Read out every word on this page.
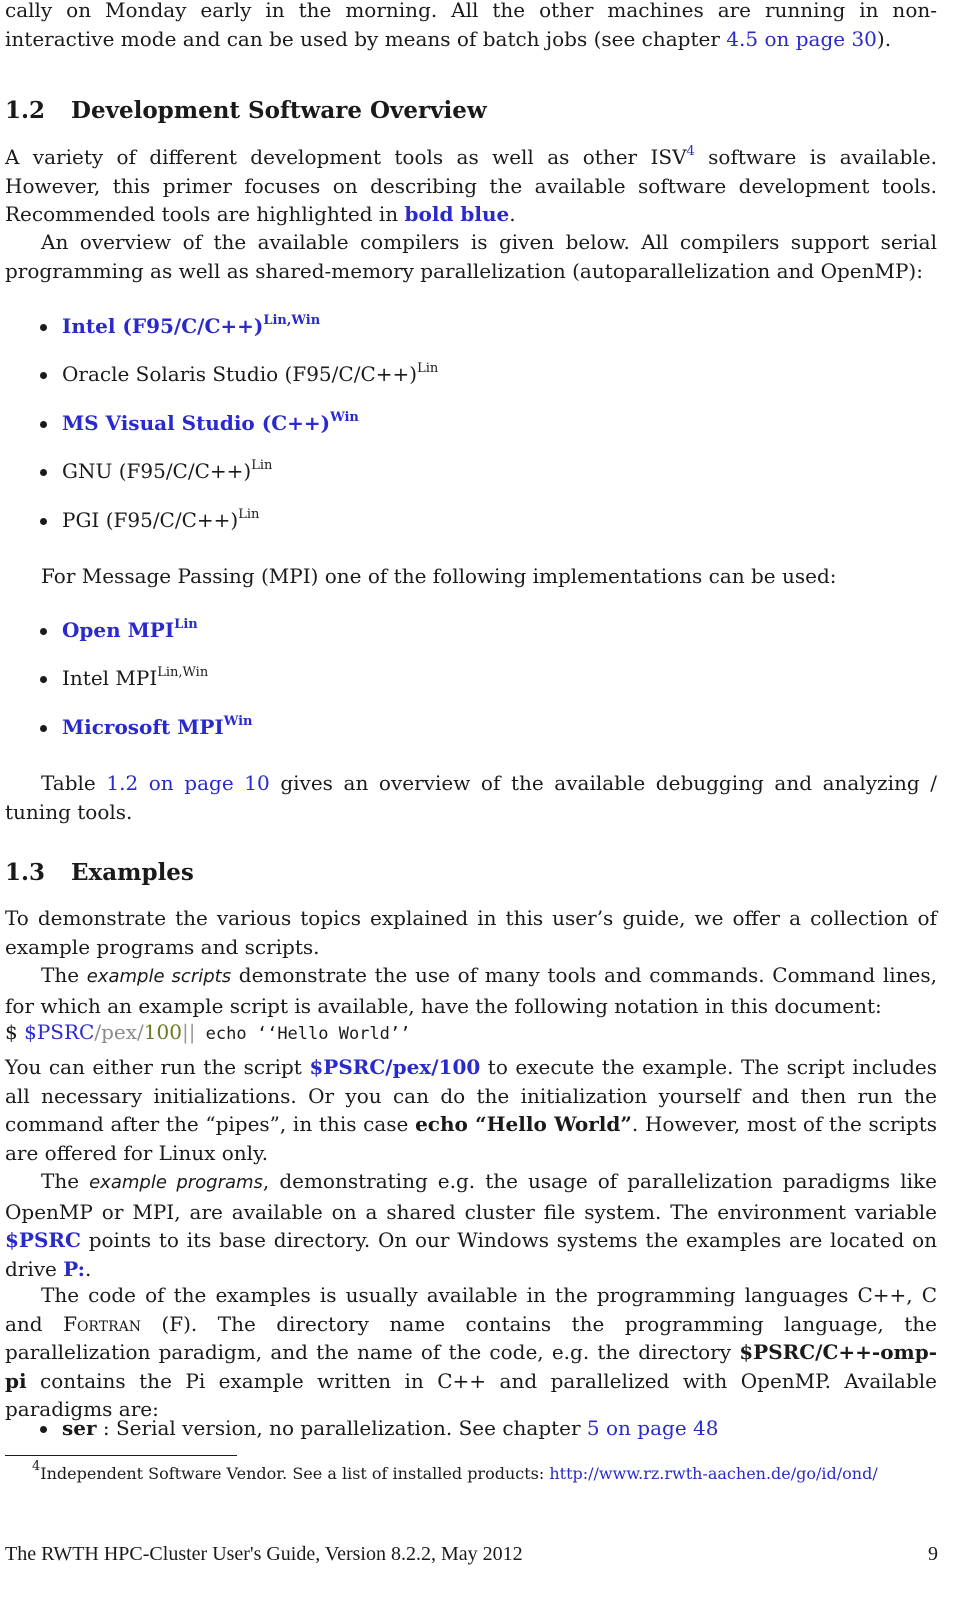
cally on Monday early in the morning. All the other machines are running in non-interactive mode and can be used by means of batch jobs (see chapter 4.5 on page 30).

1.2 Development Software Overview

A variety of different development tools as well as other ISV$^4$ software is available. However, this primer focuses on describing the available software development tools. Recommended tools are highlighted in bold blue.

An overview of the available compilers is given below. All compilers support serial programming as well as shared-memory parallelization (autoparallelization and OpenMP):

Intel $(F95/C/C++)^{Lin,Win}$
Oracle Solaris Studio $(F95/C/C++)^{Lin}$
MS Visual Studio $(C++)^{Win}$
GNU $(F95/C/C++)^{Lin}$
PGI $(F95/C/C++)^{Lin}$

For Message Passing (MPI) one of the following implementations can be used:

Open $MPI^{Lin}$
Intel $MPI^{Lin,Win}$
Microsoft $MPI^{Win}$

Table 1.2 on page 10 gives an overview of the available debugging and analyzing / tuning tools.

1.3 Examples

To demonstrate the various topics explained in this user’s guide, we offer a collection of example programs and scripts.

The example scripts demonstrate the use of many tools and commands. Command lines, for which an example script is available, have the following notation in this document:

$ $PSRC/pex/100|| echo ‘‘Hello World’’

You can either run the script $PSRC/pex/100 to execute the example. The script includes all necessary initializations. Or you can do the initialization yourself and then run the command after the “pipes”, in this case echo “Hello World”. However, most of the scripts are offered for Linux only.

The example programs, demonstrating e.g. the usage of parallelization paradigms like OpenMP or MPI, are available on a shared cluster file system. The environment variable $PSRC points to its base directory. On our Windows systems the examples are located on drive P:.

The code of the examples is usually available in the programming languages C++, C and Fortran (F). The directory name contains the programming language, the parallelization paradigm, and the name of the code, e.g. the directory $PSRC/C++-omp-pi contains the Pi example written in C++ and parallelized with OpenMP. Available paradigms are:

ser : Serial version, no parallelization. See chapter 5 on page 48
$^4$Independent Software Vendor. See a list of installed products: http://www.rz.rwth-aachen.de/go/id/ond/
The RWTH HPC-Cluster User's Guide, Version 8.2.2, May 2012	9
